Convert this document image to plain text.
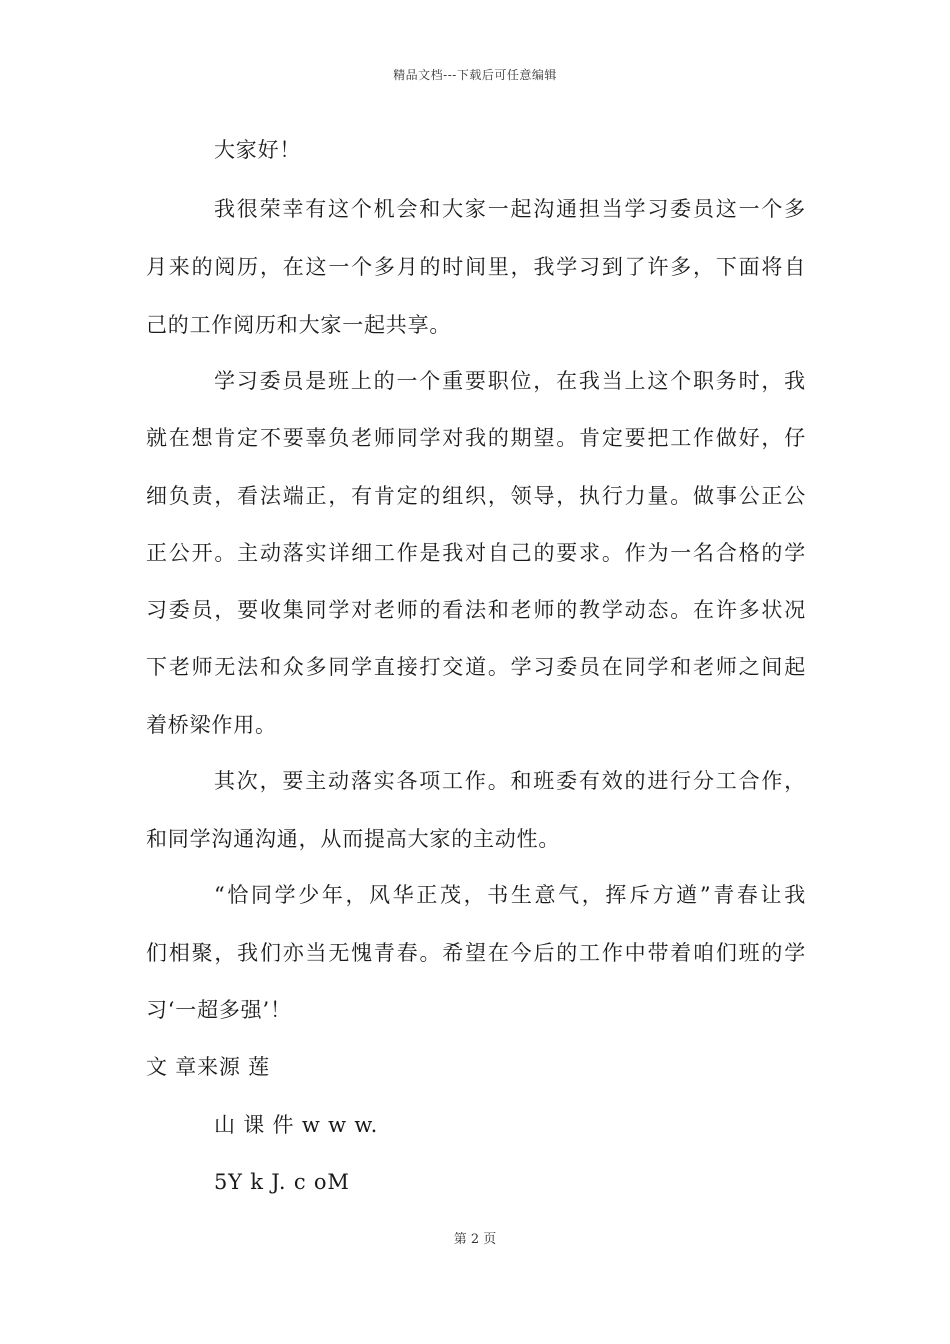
精品文档---下载后可任意编辑
大家好！
我很荣幸有这个机会和大家一起沟通担当学习委员这一个多
月来的阅历，在这一个多月的时间里，我学习到了许多，下面将自
己的工作阅历和大家一起共享。
学习委员是班上的一个重要职位，在我当上这个职务时，我
就在想肯定不要辜负老师同学对我的期望。肯定要把工作做好，仔
细负责，看法端正，有肯定的组织，领导，执行力量。做事公正公
正公开。主动落实详细工作是我对自己的要求。作为一名合格的学
习委员，要收集同学对老师的看法和老师的教学动态。在许多状况
下老师无法和众多同学直接打交道。学习委员在同学和老师之间起
着桥梁作用。
其次，要主动落实各项工作。和班委有效的进行分工合作，
和同学沟通沟通，从而提高大家的主动性。
“恰同学少年，风华正茂，书生意气，挥斥方遒”青春让我
们相聚，我们亦当无愧青春。希望在今后的工作中带着咱们班的学
习‘一超多强’！
文 章来源 莲
山 课 件 w w w.
5Y k J. c oM
第 2 页
